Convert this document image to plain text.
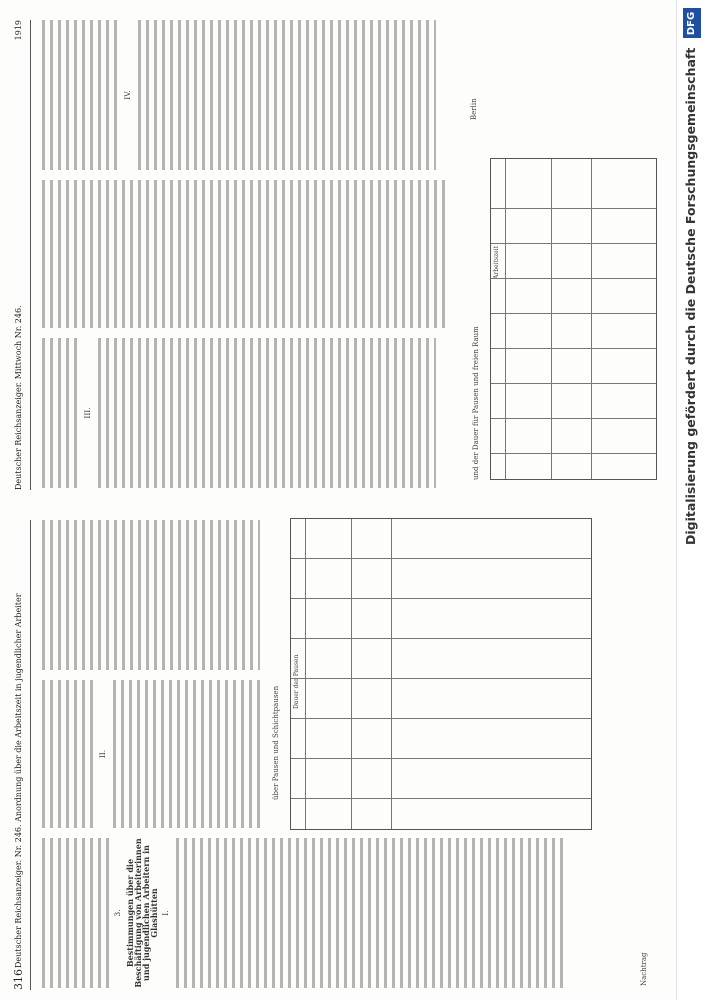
316
Deutscher Reichsanzeiger. Nr. 246. Anordnung über die Arbeitszeit in jugendlicher Arbeiter	3. Bestimmungen über die Beschäftigung von Arbeiterinnen und jugendlichen Arbeitern in Glashütten I.
II.	über Pausen und Schichtpausen
Dauer der Pausen
Nachtrag
Deutscher Reichsanzeiger. Mittwoch Nr. 246.
1919
III.
IV.
und der Dauer für Pausen und freien Raum
Arbeitszeit
Berlin
DFG
Digitalisierung gefördert durch die Deutsche Forschungsgemeinschaft
